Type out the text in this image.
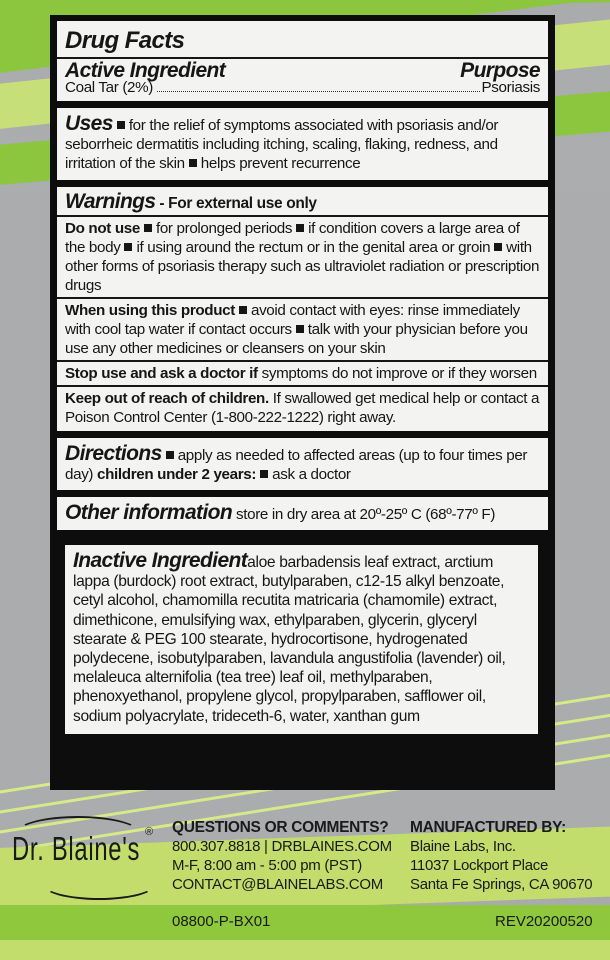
Drug Facts
Active Ingredient	Purpose
Coal Tar (2%)	Psoriasis
Uses for the relief of symptoms associated with psoriasis and/or seborrheic dermatitis including itching, scaling, flaking, redness, and irritation of the skin helps prevent recurrence
Warnings - For external use only
Do not use for prolonged periods if condition covers a large area of the body if using around the rectum or in the genital area or groin with other forms of psoriasis therapy such as ultraviolet radiation or prescription drugs
When using this product avoid contact with eyes: rinse immediately with cool tap water if contact occurs talk with your physician before you use any other medicines or cleansers on your skin
Stop use and ask a doctor if symptoms do not improve or if they worsen
Keep out of reach of children. If swallowed get medical help or contact a Poison Control Center (1-800-222-1222) right away.
Directions apply as needed to affected areas (up to four times per day) children under 2 years: ask a doctor
Other information store in dry area at 20º-25º C (68º-77º F)
Inactive Ingredientaloe barbadensis leaf extract, arctium lappa (burdock) root extract, butylparaben, c12-15 alkyl benzoate, cetyl alcohol, chamomilla recutita matricaria (chamomile) extract, dimethicone, emulsifying wax, ethylparaben, glycerin, glyceryl stearate & PEG 100 stearate, hydrocortisone, hydrogenated polydecene, isobutylparaben, lavandula angustifolia (lavender) oil, melaleuca alternifolia (tea tree) leaf oil, methylparaben, phenoxyethanol, propylene glycol, propylparaben, safflower oil, sodium polyacrylate, trideceth-6, water, xanthan gum
Dr. Blaine's ® QUESTIONS OR COMMENTS?
800.307.8818 | DRBLAINES.COM
M-F, 8:00 am - 5:00 pm (PST)
CONTACT@BLAINELABS.COM
MANUFACTURED BY:
Blaine Labs, Inc.
11037 Lockport Place
Santa Fe Springs, CA 90670
08800-P-BX01	REV20200520
